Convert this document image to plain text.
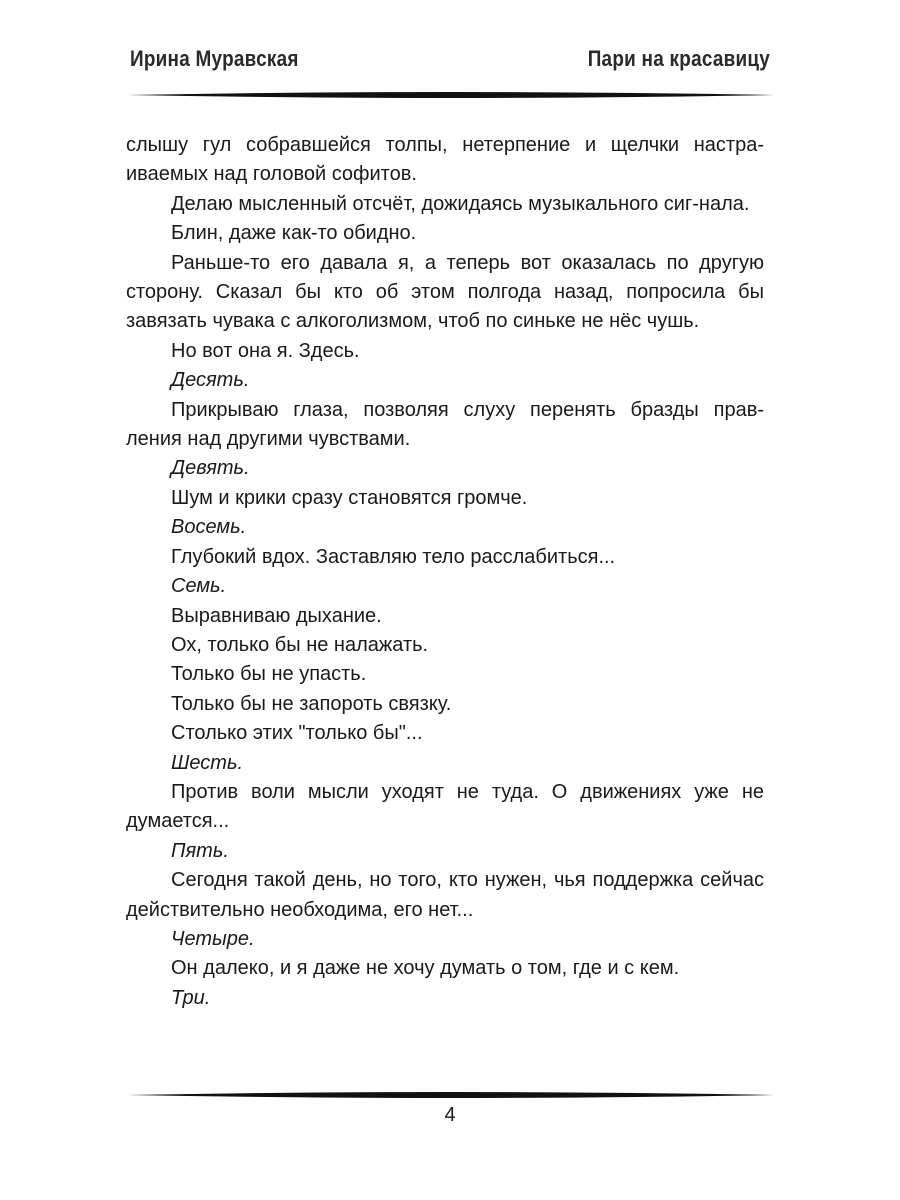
Ирина Муравская	Пари на красавицу

слышу гул собравшейся толпы, нетерпение и щелчки настра-иваемых над головой софитов.

Делаю мысленный отсчёт, дожидаясь музыкального сиг-нала.

Блин, даже как-то обидно.

Раньше-то его давала я, а теперь вот оказалась по другую сторону. Сказал бы кто об этом полгода назад, попросила бы завязать чувака с алкоголизмом, чтоб по синьке не нёс чушь.

Но вот она я. Здесь.

Десять.

Прикрываю глаза, позволяя слуху перенять бразды прав-ления над другими чувствами.

Девять.

Шум и крики сразу становятся громче.

Восемь.

Глубокий вдох. Заставляю тело расслабиться...

Семь.

Выравниваю дыхание.

Ох, только бы не налажать.

Только бы не упасть.

Только бы не запороть связку.

Столько этих "только бы"...

Шесть.

Против воли мысли уходят не туда. О движениях уже не думается...

Пять.

Сегодня такой день, но того, кто нужен, чья поддержка сейчас действительно необходима, его нет...

Четыре.

Он далеко, и я даже не хочу думать о том, где и с кем.

Три.

4
